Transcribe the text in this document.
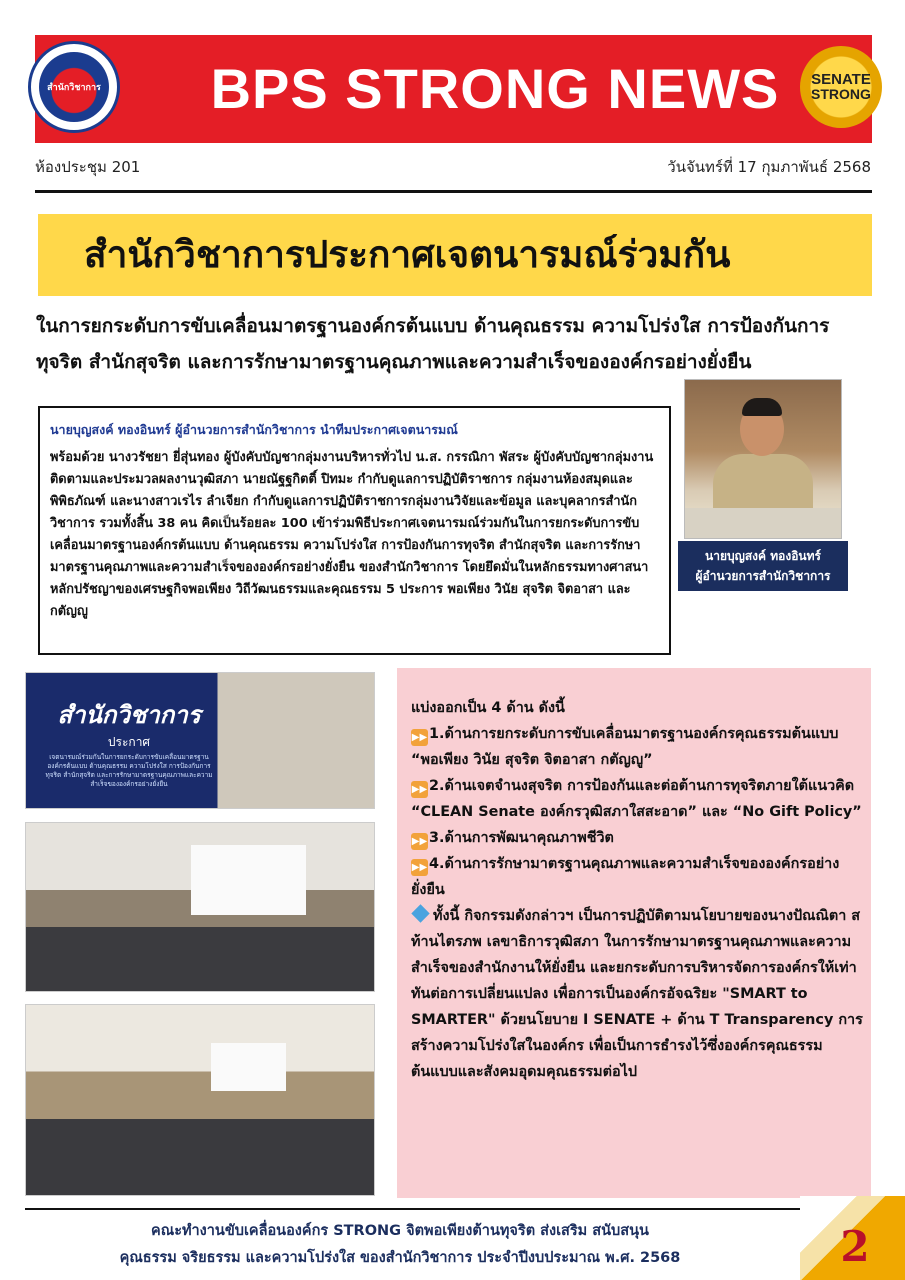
BPS STRONG NEWS
สำนักวิชาการ	SENATE
STRONG
ห้องประชุม 201	วันจันทร์ที่ 17 กุมภาพันธ์ 2568
สำนักวิชาการประกาศเจตนารมณ์ร่วมกัน
ในการยกระดับการขับเคลื่อนมาตรฐานองค์กรต้นแบบ ด้านคุณธรรม ความโปร่งใส การป้องกันการทุจริต สำนักสุจริต และการรักษามาตรฐานคุณภาพและความสำเร็จขององค์กรอย่างยั่งยืน
นายบุญสงค์ ทองอินทร์ ผู้อำนวยการสำนักวิชาการ นำทีมประกาศเจตนารมณ์
พร้อมด้วย นางวรัชยา ยี่สุ่นทอง ผู้บังคับบัญชากลุ่มงานบริหารทั่วไป น.ส. กรรณิกา พัสระ ผู้บังคับบัญชากลุ่มงานติดตามและประมวลผลงานวุฒิสภา นายณัฐฐกิตติ์ ปิทมะ กำกับดูแลการปฏิบัติราชการ กลุ่มงานห้องสมุดและพิพิธภัณฑ์ และนางสาวเรไร ลำเจียก กำกับดูแลการปฏิบัติราชการกลุ่มงานวิจัยและข้อมูล และบุคลากรสำนักวิชาการ รวมทั้งสิ้น 38 คน คิดเป็นร้อยละ 100 เข้าร่วมพิธีประกาศเจตนารมณ์ร่วมกันในการยกระดับการขับเคลื่อนมาตรฐานองค์กรต้นแบบ ด้านคุณธรรม ความโปร่งใส การป้องกันการทุจริต สำนักสุจริต และการรักษามาตรฐานคุณภาพและความสำเร็จขององค์กรอย่างยั่งยืน ของสำนักวิชาการ โดยยึดมั่นในหลักธรรมทางศาสนา หลักปรัชญาของเศรษฐกิจพอเพียง วิถีวัฒนธรรมและคุณธรรม 5 ประการ พอเพียง วินัย สุจริต จิตอาสา และกตัญญู
นายบุญสงค์ ทองอินทร์
ผู้อำนวยการสำนักวิชาการ
สำนักวิชาการ
ประกาศ
เจตนารมณ์ร่วมกันในการยกระดับการขับเคลื่อนมาตรฐานองค์กรต้นแบบ ด้านคุณธรรม ความโปร่งใส การป้องกันการทุจริต สำนักสุจริต และการรักษามาตรฐานคุณภาพและความสำเร็จขององค์กรอย่างยั่งยืน
แบ่งออกเป็น 4 ด้าน ดังนี้
▶▶ 1.ด้านการยกระดับการขับเคลื่อนมาตรฐานองค์กรคุณธรรมต้นแบบ “พอเพียง วินัย สุจริต จิตอาสา กตัญญู”
▶▶ 2.ด้านเจตจำนงสุจริต การป้องกันและต่อต้านการทุจริตภายใต้แนวคิด “CLEAN Senate องค์กรวุฒิสภาใสสะอาด” และ “No Gift Policy”
▶▶ 3.ด้านการพัฒนาคุณภาพชีวิต
▶▶ 4.ด้านการรักษามาตรฐานคุณภาพและความสำเร็จขององค์กรอย่างยั่งยืน
ทั้งนี้ กิจกรรมดังกล่าวฯ เป็นการปฏิบัติตามนโยบายของนางปัณณิตา สท้านไตรภพ เลขาธิการวุฒิสภา ในการรักษามาตรฐานคุณภาพและความสำเร็จของสำนักงานให้ยั่งยืน และยกระดับการบริหารจัดการองค์กรให้เท่าทันต่อการเปลี่ยนแปลง เพื่อการเป็นองค์กรอัจฉริยะ "SMART to SMARTER" ด้วยนโยบาย I SENATE + ด้าน T Transparency การสร้างความโปร่งใสในองค์กร เพื่อเป็นการธำรงไว้ซึ่งองค์กรคุณธรรมต้นแบบและสังคมอุดมคุณธรรมต่อไป
คณะทำงานขับเคลื่อนองค์กร STRONG จิตพอเพียงต้านทุจริต ส่งเสริม สนับสนุน
คุณธรรม จริยธรรม และความโปร่งใส ของสำนักวิชาการ ประจำปีงบประมาณ พ.ศ. 2568	2
